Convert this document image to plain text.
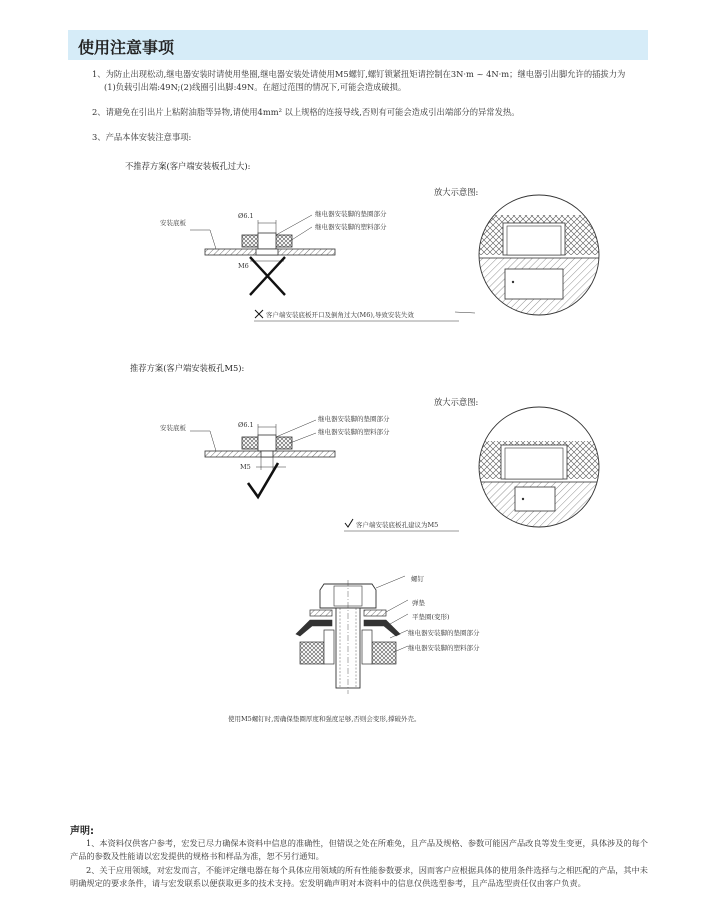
使用注意事项
1、为防止出现松动,继电器安装时请使用垫圈,继电器安装处请使用M5螺钉,螺钉锁紧扭矩请控制在3N·m ~ 4N·m；继电器引出脚允许的插拔力为
(1)负载引出端:49N;(2)线圈引出脚:49N。在超过范围的情况下,可能会造成破损。
2、请避免在引出片上粘附油脂等异物,请使用4mm² 以上规格的连接导线,否则有可能会造成引出端部分的异常发热。
3、产品本体安装注意事项:
不推荐方案(客户端安装板孔过大):
放大示意图:
安装底板
Ø6.1
M6
继电器安装脚的垫圈部分
继电器安装脚的塑料部分
客户端安装底板开口及倒角过大(M6),导致安装失效
推荐方案(客户端安装板孔M5):
放大示意图:
安装底板	Ø6.1
M5
继电器安装脚的垫圈部分
继电器安装脚的塑料部分
客户端安装底板孔建议为M5
螺钉
弹垫
平垫圈(变形)
继电器安装脚的垫圈部分
继电器安装脚的塑料部分
使用M5螺钉时,需确保垫圈厚度和强度足够,否则会变形,撑破外壳。
声明:
1、本资料仅供客户参考，宏发已尽力确保本资料中信息的准确性，但错误之处在所难免，且产品及规格、参数可能因产品改良等发生变更，具体涉及的每个产品的参数及性能请以宏发提供的规格书和样品为准，恕不另行通知。
2、关于应用领域，对宏发而言，不能评定继电器在每个具体应用领域的所有性能参数要求，因而客户应根据具体的使用条件选择与之相匹配的产品，其中未明确规定的要求条件，请与宏发联系以便获取更多的技术支持。宏发明确声明对本资料中的信息仅供选型参考，且产品选型责任仅由客户负责。
